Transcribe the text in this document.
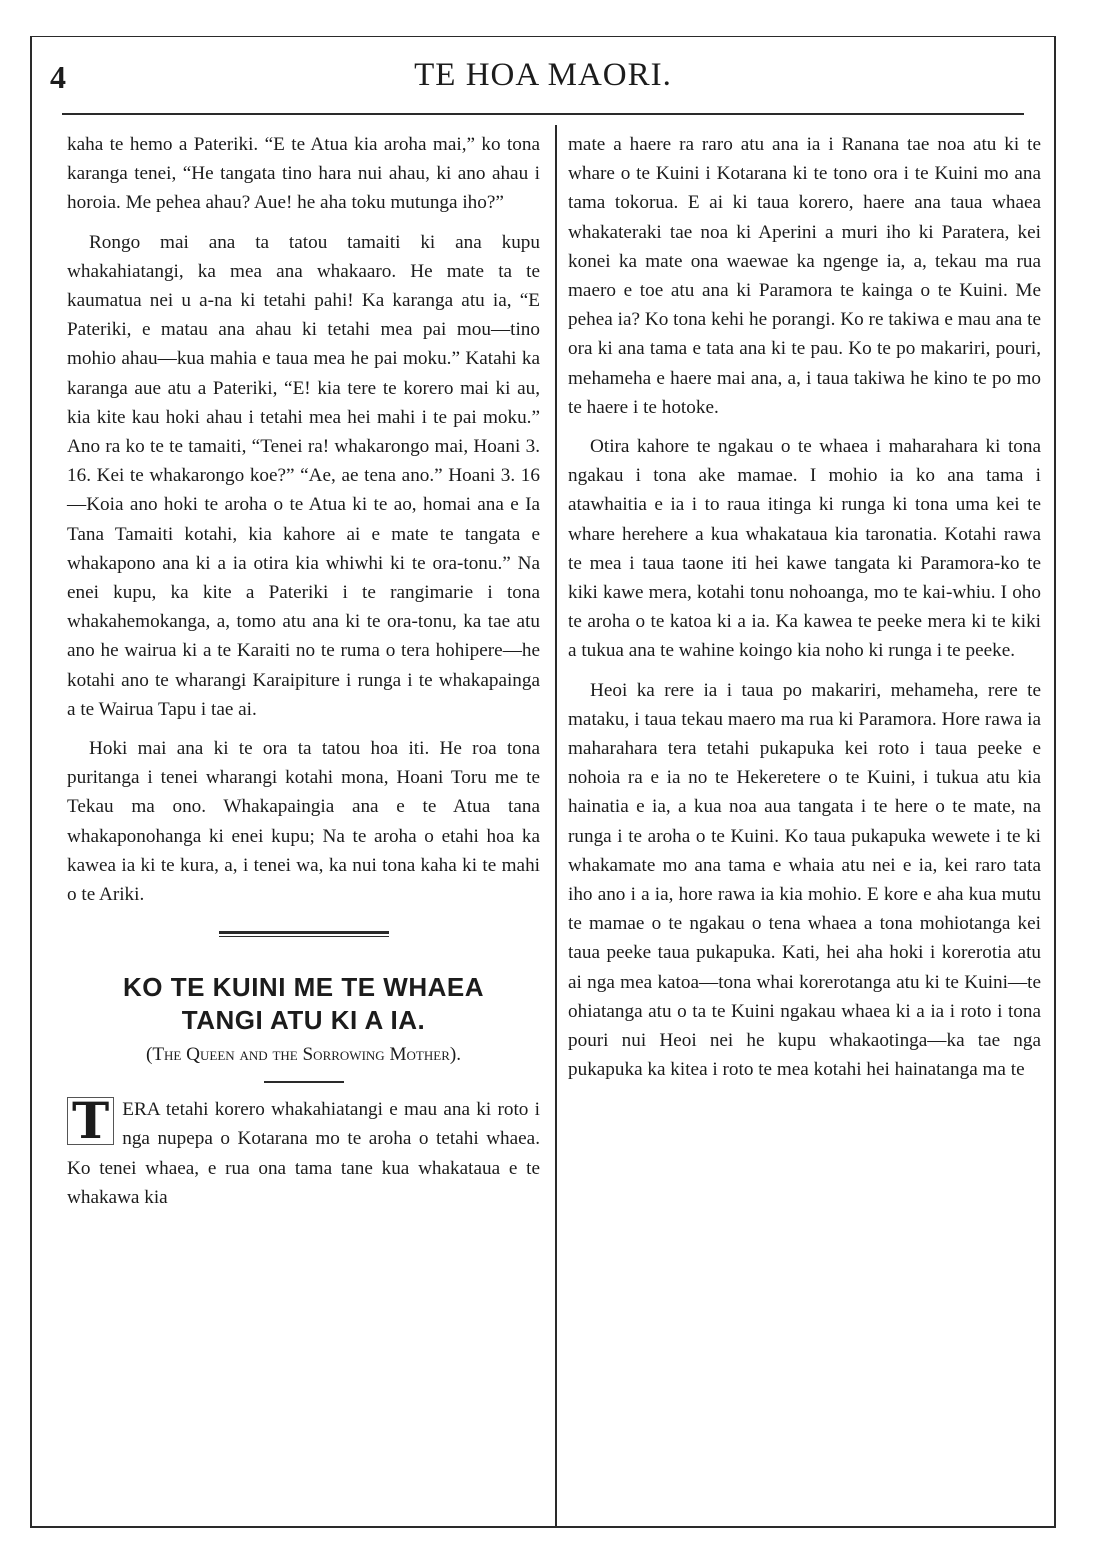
4	TE HOA MAORI.

kaha te hemo a Pateriki. “E te Atua kia aroha mai,” ko tona karanga tenei, “He tangata tino hara nui ahau, ki ano ahau i horoia. Me pehea ahau? Aue! he aha toku mutunga iho?”

Rongo mai ana ta tatou tamaiti ki ana kupu whakahiatangi, ka mea ana whakaaro. He mate ta te kaumatua nei u a-na ki tetahi pahi! Ka karanga atu ia, “E Pateriki, e matau ana ahau ki tetahi mea pai mou—tino mohio ahau—kua mahia e taua mea he pai moku.” Katahi ka karanga aue atu a Pateriki, “E! kia tere te korero mai ki au, kia kite kau hoki ahau i tetahi mea hei mahi i te pai moku.” Ano ra ko te te tamaiti, “Tenei ra! whakarongo mai, Hoani 3. 16. Kei te whakarongo koe?” “Ae, ae tena ano.” Hoani 3. 16—Koia ano hoki te aroha o te Atua ki te ao, homai ana e Ia Tana Tamaiti kotahi, kia kahore ai e mate te tangata e whakapono ana ki a ia otira kia whiwhi ki te ora-tonu.” Na enei kupu, ka kite a Pateriki i te rangimarie i tona whakahemokanga, a, tomo atu ana ki te ora-tonu, ka tae atu ano he wairua ki a te Karaiti no te ruma o tera hohipere—he kotahi ano te wharangi Karaipiture i runga i te whakapainga a te Wairua Tapu i tae ai.

Hoki mai ana ki te ora ta tatou hoa iti. He roa tona puritanga i tenei wharangi kotahi mona, Hoani Toru me te Tekau ma ono. Whakapaingia ana e te Atua tana whakaponohanga ki enei kupu; Na te aroha o etahi hoa ka kawea ia ki te kura, a, i tenei wa, ka nui tona kaha ki te mahi o te Ariki.

KO TE KUINI ME TE WHAEA
TANGI ATU KI A IA.
(The Queen and the Sorrowing Mother).

T ERA tetahi korero whakahiatangi e mau ana ki roto i nga nupepa o Kotarana mo te aroha o tetahi whaea. Ko tenei whaea, e rua ona tama tane kua whakataua e te whakawa kia

mate a haere ra raro atu ana ia i Ranana tae noa atu ki te whare o te Kuini i Kotarana ki te tono ora i te Kuini mo ana tama tokorua. E ai ki taua korero, haere ana taua whaea whakateraki tae noa ki Aperini a muri iho ki Paratera, kei konei ka mate ona waewae ka ngenge ia, a, tekau ma rua maero e toe atu ana ki Paramora te kainga o te Kuini. Me pehea ia? Ko tona kehi he porangi. Ko re takiwa e mau ana te ora ki ana tama e tata ana ki te pau. Ko te po makariri, pouri, mehameha e haere mai ana, a, i taua takiwa he kino te po mo te haere i te hotoke.

Otira kahore te ngakau o te whaea i maharahara ki tona ngakau i tona ake mamae. I mohio ia ko ana tama i atawhaitia e ia i to raua itinga ki runga ki tona uma kei te whare herehere a kua whakataua kia taronatia. Kotahi rawa te mea i taua taone iti hei kawe tangata ki Paramora-ko te kiki kawe mera, kotahi tonu nohoanga, mo te kai-whiu. I oho te aroha o te katoa ki a ia. Ka kawea te peeke mera ki te kiki a tukua ana te wahine koingo kia noho ki runga i te peeke.

Heoi ka rere ia i taua po makariri, mehameha, rere te mataku, i taua tekau maero ma rua ki Paramora. Hore rawa ia maharahara tera tetahi pukapuka kei roto i taua peeke e nohoia ra e ia no te Hekeretere o te Kuini, i tukua atu kia hainatia e ia, a kua noa aua tangata i te here o te mate, na runga i te aroha o te Kuini. Ko taua pukapuka wewete i te ki whakamate mo ana tama e whaia atu nei e ia, kei raro tata iho ano i a ia, hore rawa ia kia mohio. E kore e aha kua mutu te mamae o te ngakau o tena whaea a tona mohiotanga kei taua peeke taua pukapuka. Kati, hei aha hoki i korerotia atu ai nga mea katoa—tona whai korerotanga atu ki te Kuini—te ohiatanga atu o ta te Kuini ngakau whaea ki a ia i roto i tona pouri nui Heoi nei he kupu whakaotinga—ka tae nga pukapuka ka kitea i roto te mea kotahi hei hainatanga ma te
